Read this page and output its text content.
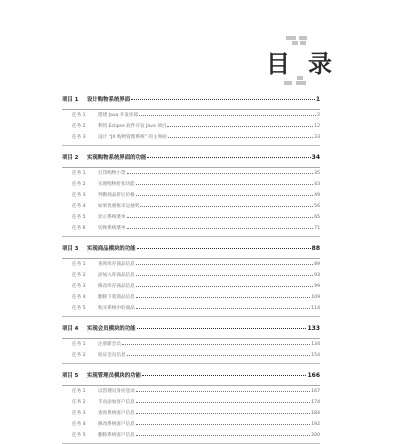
目 录
项目 1	设计购物系统界面	1
任务 1	搭建 Java 开发环境	2
任务 2	利用 Eclipse 软件开发 Java 项目	12
任务 3	设计 “JX 购物管理系统” 的主界面	33
项目 2	实现购物系统界面的功能	34
任务 1	打印购物小票	35
任务 2	实现购物折扣功能	43
任务 3	判断商品折后价格	49
任务 4	如果优惠框幸运抽奖	56
任务 5	显示系统菜单	65
任务 6	切换系统菜单	71
项目 3	实现商品模块的功能	88
任务 1	查询库存商品信息	89
任务 2	添加入库商品信息	93
任务 3	修改库存商品信息	99
任务 4	删除下架商品信息	109
任务 5	购买系统中的商品	114
项目 4	实现会员模块的功能	133
任务 1	注册新会员	134
任务 2	验证会员信息	154
项目 5	实现管理员模块的功能	166
任务 1	以管理员身份登录	167
任务 2	手动添加客户信息	174
任务 3	查询系统客户信息	184
任务 4	修改系统客户信息	192
任务 5	删除系统客户信息	200
